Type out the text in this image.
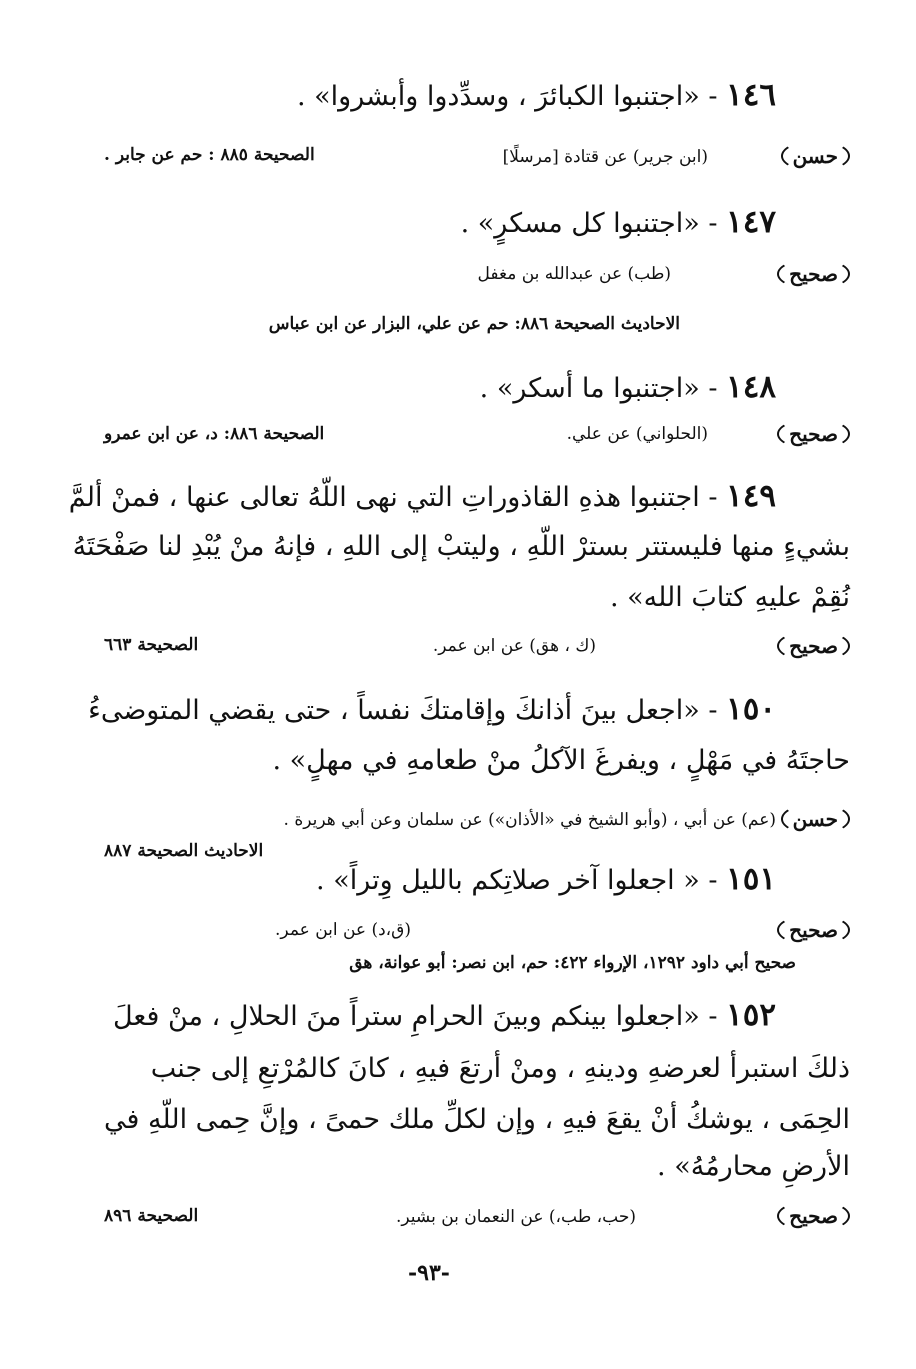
١٤٦ - «اجتنبوا الكبائرَ ، وسدِّدوا وأبشروا» .
حسن
(ابن جرير) عن قتادة [مرسلًا]
الصحيحة ٨٨٥ : حم عن جابر .
١٤٧ - «اجتنبوا كل مسكرٍ» .
صحيح
(طب) عن عبدالله بن مغفل
الاحاديث الصحيحة ٨٨٦: حم عن علي، البزار عن ابن عباس
١٤٨ - «اجتنبوا ما أسكر» .
صحيح
(الحلواني) عن علي.
الصحيحة ٨٨٦: د، عن ابن عمرو
١٤٩ - اجتنبوا هذهِ القاذوراتِ التي نهى اللّهُ تعالى عنها ، فمنْ ألمَّ
بشيءٍ منها فليستتر بسترْ اللّهِ ، وليتبْ إلى اللهِ ، فإنهُ منْ يُبْدِ لنا صَفْحَتَهُ
نُقِمْ عليهِ كتابَ الله» .
صحيح
(ك ، هق) عن ابن عمر.
الصحيحة ٦٦٣
١٥٠ - «اجعل بينَ أذانكَ وإقامتكَ نفساً ، حتى يقضي المتوضىءُ
حاجتَهُ في مَهْلٍ ، ويفرغَ الآكلُ منْ طعامهِ في مهلٍ» .
حسن
(عم) عن أبي ، (وأبو الشيخ في «الأذان») عن سلمان وعن أبي هريرة .
الاحاديث الصحيحة ٨٨٧
١٥١ - « اجعلوا آخر صلاتِكم بالليل وِتراً» .
صحيح
(ق،د) عن ابن عمر.
صحيح أبي داود ١٢٩٢، الإرواء ٤٢٢: حم، ابن نصر: أبو عوانة، هق
١٥٢ - «اجعلوا بينكم وبينَ الحرامِ ستراً منَ الحلالِ ، منْ فعلَ
ذلكَ استبرأ لعرضهِ ودينهِ ، ومنْ أرتعَ فيهِ ، كانَ كالمُرْتعِ إلى جنب
الحِمَى ، يوشكُ أنْ يقعَ فيهِ ، وإن لكلِّ ملك حمىً ، وإنَّ حِمى اللّهِ في
الأرضِ محارمُهُ» .
صحيح
(حب، طب،) عن النعمان بن بشير.
الصحيحة ٨٩٦
-٩٣-
